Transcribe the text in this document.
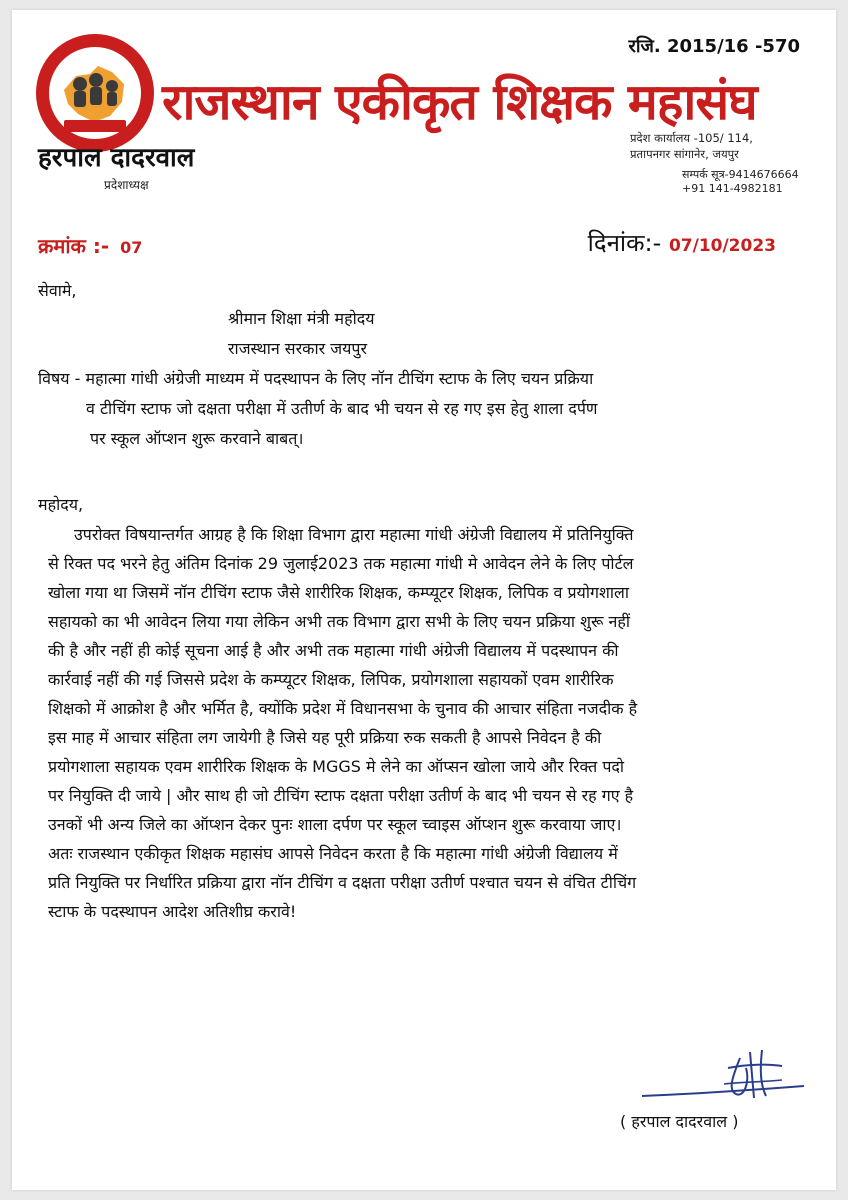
रजि. 2015/16 -570
राजस्थान एकीकृत शिक्षक महासंघ
हरपाल दादरवाल
प्रदेशाध्यक्ष
प्रदेश कार्यालय -105/ 114,
प्रतापनगर सांगानेर, जयपुर
सम्पर्क सूत्र-9414676664
+91 141-4982181
क्रमांक :- 07	दिनांक:- 07/10/2023
सेवामे,
श्रीमान शिक्षा मंत्री महोदय
राजस्थान सरकार जयपुर
विषय - महात्मा गांधी अंग्रेजी माध्यम में पदस्थापन के लिए नॉन टीचिंग स्टाफ के लिए चयन प्रक्रिया
व टीचिंग स्टाफ जो दक्षता परीक्षा में उतीर्ण के बाद भी चयन से रह गए इस हेतु शाला दर्पण
पर स्कूल ऑप्शन शुरू करवाने बाबत्।
महोदय,

उपरोक्त विषयान्तर्गत आग्रह है कि शिक्षा विभाग द्वारा महात्मा गांधी अंग्रेजी विद्यालय में प्रतिनियुक्ति

से रिक्त पद भरने हेतु अंतिम दिनांक 29 जुलाई2023 तक महात्मा गांधी मे आवेदन लेने के लिए पोर्टल

खोला गया था जिसमें नॉन टीचिंग स्टाफ जैसे शारीरिक शिक्षक, कम्प्यूटर शिक्षक, लिपिक व प्रयोगशाला

सहायको का भी आवेदन लिया गया लेकिन अभी तक विभाग द्वारा सभी के लिए चयन प्रक्रिया शुरू नहीं

की है और नहीं ही कोई सूचना आई है और अभी तक महात्मा गांधी अंग्रेजी विद्यालय में पदस्थापन की

कार्रवाई नहीं की गई जिससे प्रदेश के कम्प्यूटर शिक्षक, लिपिक, प्रयोगशाला सहायकों एवम शारीरिक

शिक्षको में आक्रोश है और भर्मित है, क्योंकि प्रदेश में विधानसभा के चुनाव की आचार संहिता नजदीक है

इस माह में आचार संहिता लग जायेगी है जिसे यह पूरी प्रक्रिया रुक सकती है आपसे निवेदन है की

प्रयोगशाला सहायक एवम शारीरिक शिक्षक के MGGS मे लेने का ऑप्सन खोला जाये और रिक्त पदो

पर नियुक्ति दी जाये | और साथ ही जो टीचिंग स्टाफ दक्षता परीक्षा उतीर्ण के बाद भी चयन से रह गए है

उनकों भी अन्य जिले का ऑप्शन देकर पुनः शाला दर्पण पर स्कूल च्वाइस ऑप्शन शुरू करवाया जाए।

अतः राजस्थान एकीकृत शिक्षक महासंघ आपसे निवेदन करता है कि महात्मा गांधी अंग्रेजी विद्यालय में

प्रति नियुक्ति पर निर्धारित प्रक्रिया द्वारा नॉन टीचिंग व दक्षता परीक्षा उतीर्ण पश्चात चयन से वंचित टीचिंग

स्टाफ के पदस्थापन आदेश अतिशीघ्र करावे!

( हरपाल दादरवाल )
